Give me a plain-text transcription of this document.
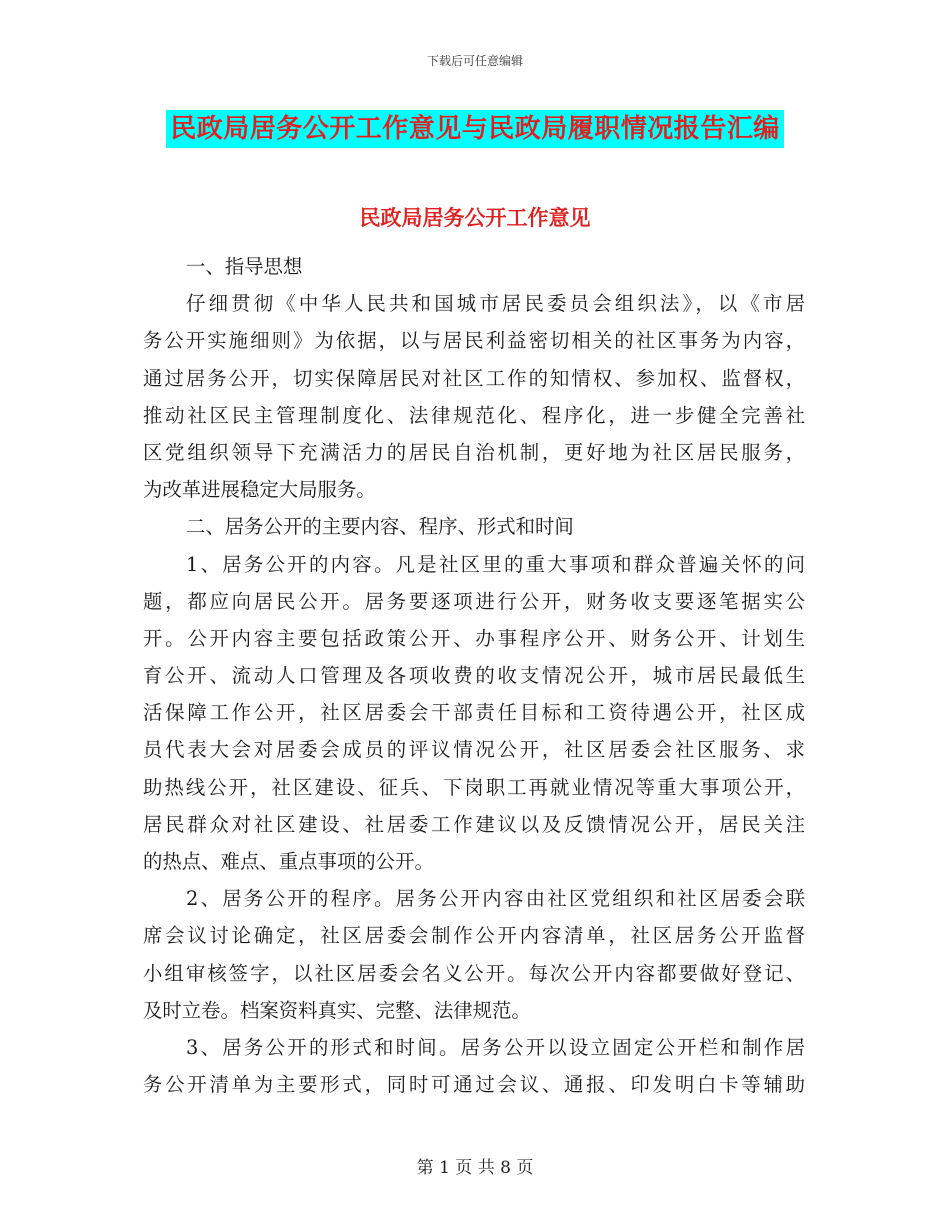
下载后可任意编辑
民政局居务公开工作意见与民政局履职情况报告汇编
民政局居务公开工作意见
一、指导思想
仔细贯彻《中华人民共和国城市居民委员会组织法》，以《市居
务公开实施细则》为依据，以与居民利益密切相关的社区事务为内容，
通过居务公开，切实保障居民对社区工作的知情权、参加权、监督权，
推动社区民主管理制度化、法律规范化、程序化，进一步健全完善社
区党组织领导下充满活力的居民自治机制，更好地为社区居民服务，
为改革进展稳定大局服务。
二、居务公开的主要内容、程序、形式和时间
1、居务公开的内容。凡是社区里的重大事项和群众普遍关怀的问
题，都应向居民公开。居务要逐项进行公开，财务收支要逐笔据实公
开。公开内容主要包括政策公开、办事程序公开、财务公开、计划生
育公开、流动人口管理及各项收费的收支情况公开，城市居民最低生
活保障工作公开，社区居委会干部责任目标和工资待遇公开，社区成
员代表大会对居委会成员的评议情况公开，社区居委会社区服务、求
助热线公开，社区建设、征兵、下岗职工再就业情况等重大事项公开，
居民群众对社区建设、社居委工作建议以及反馈情况公开，居民关注
的热点、难点、重点事项的公开。
2、居务公开的程序。居务公开内容由社区党组织和社区居委会联
席会议讨论确定，社区居委会制作公开内容清单，社区居务公开监督
小组审核签字，以社区居委会名义公开。每次公开内容都要做好登记、
及时立卷。档案资料真实、完整、法律规范。
3、居务公开的形式和时间。居务公开以设立固定公开栏和制作居
务公开清单为主要形式，同时可通过会议、通报、印发明白卡等辅助
第 1 页 共 8 页
